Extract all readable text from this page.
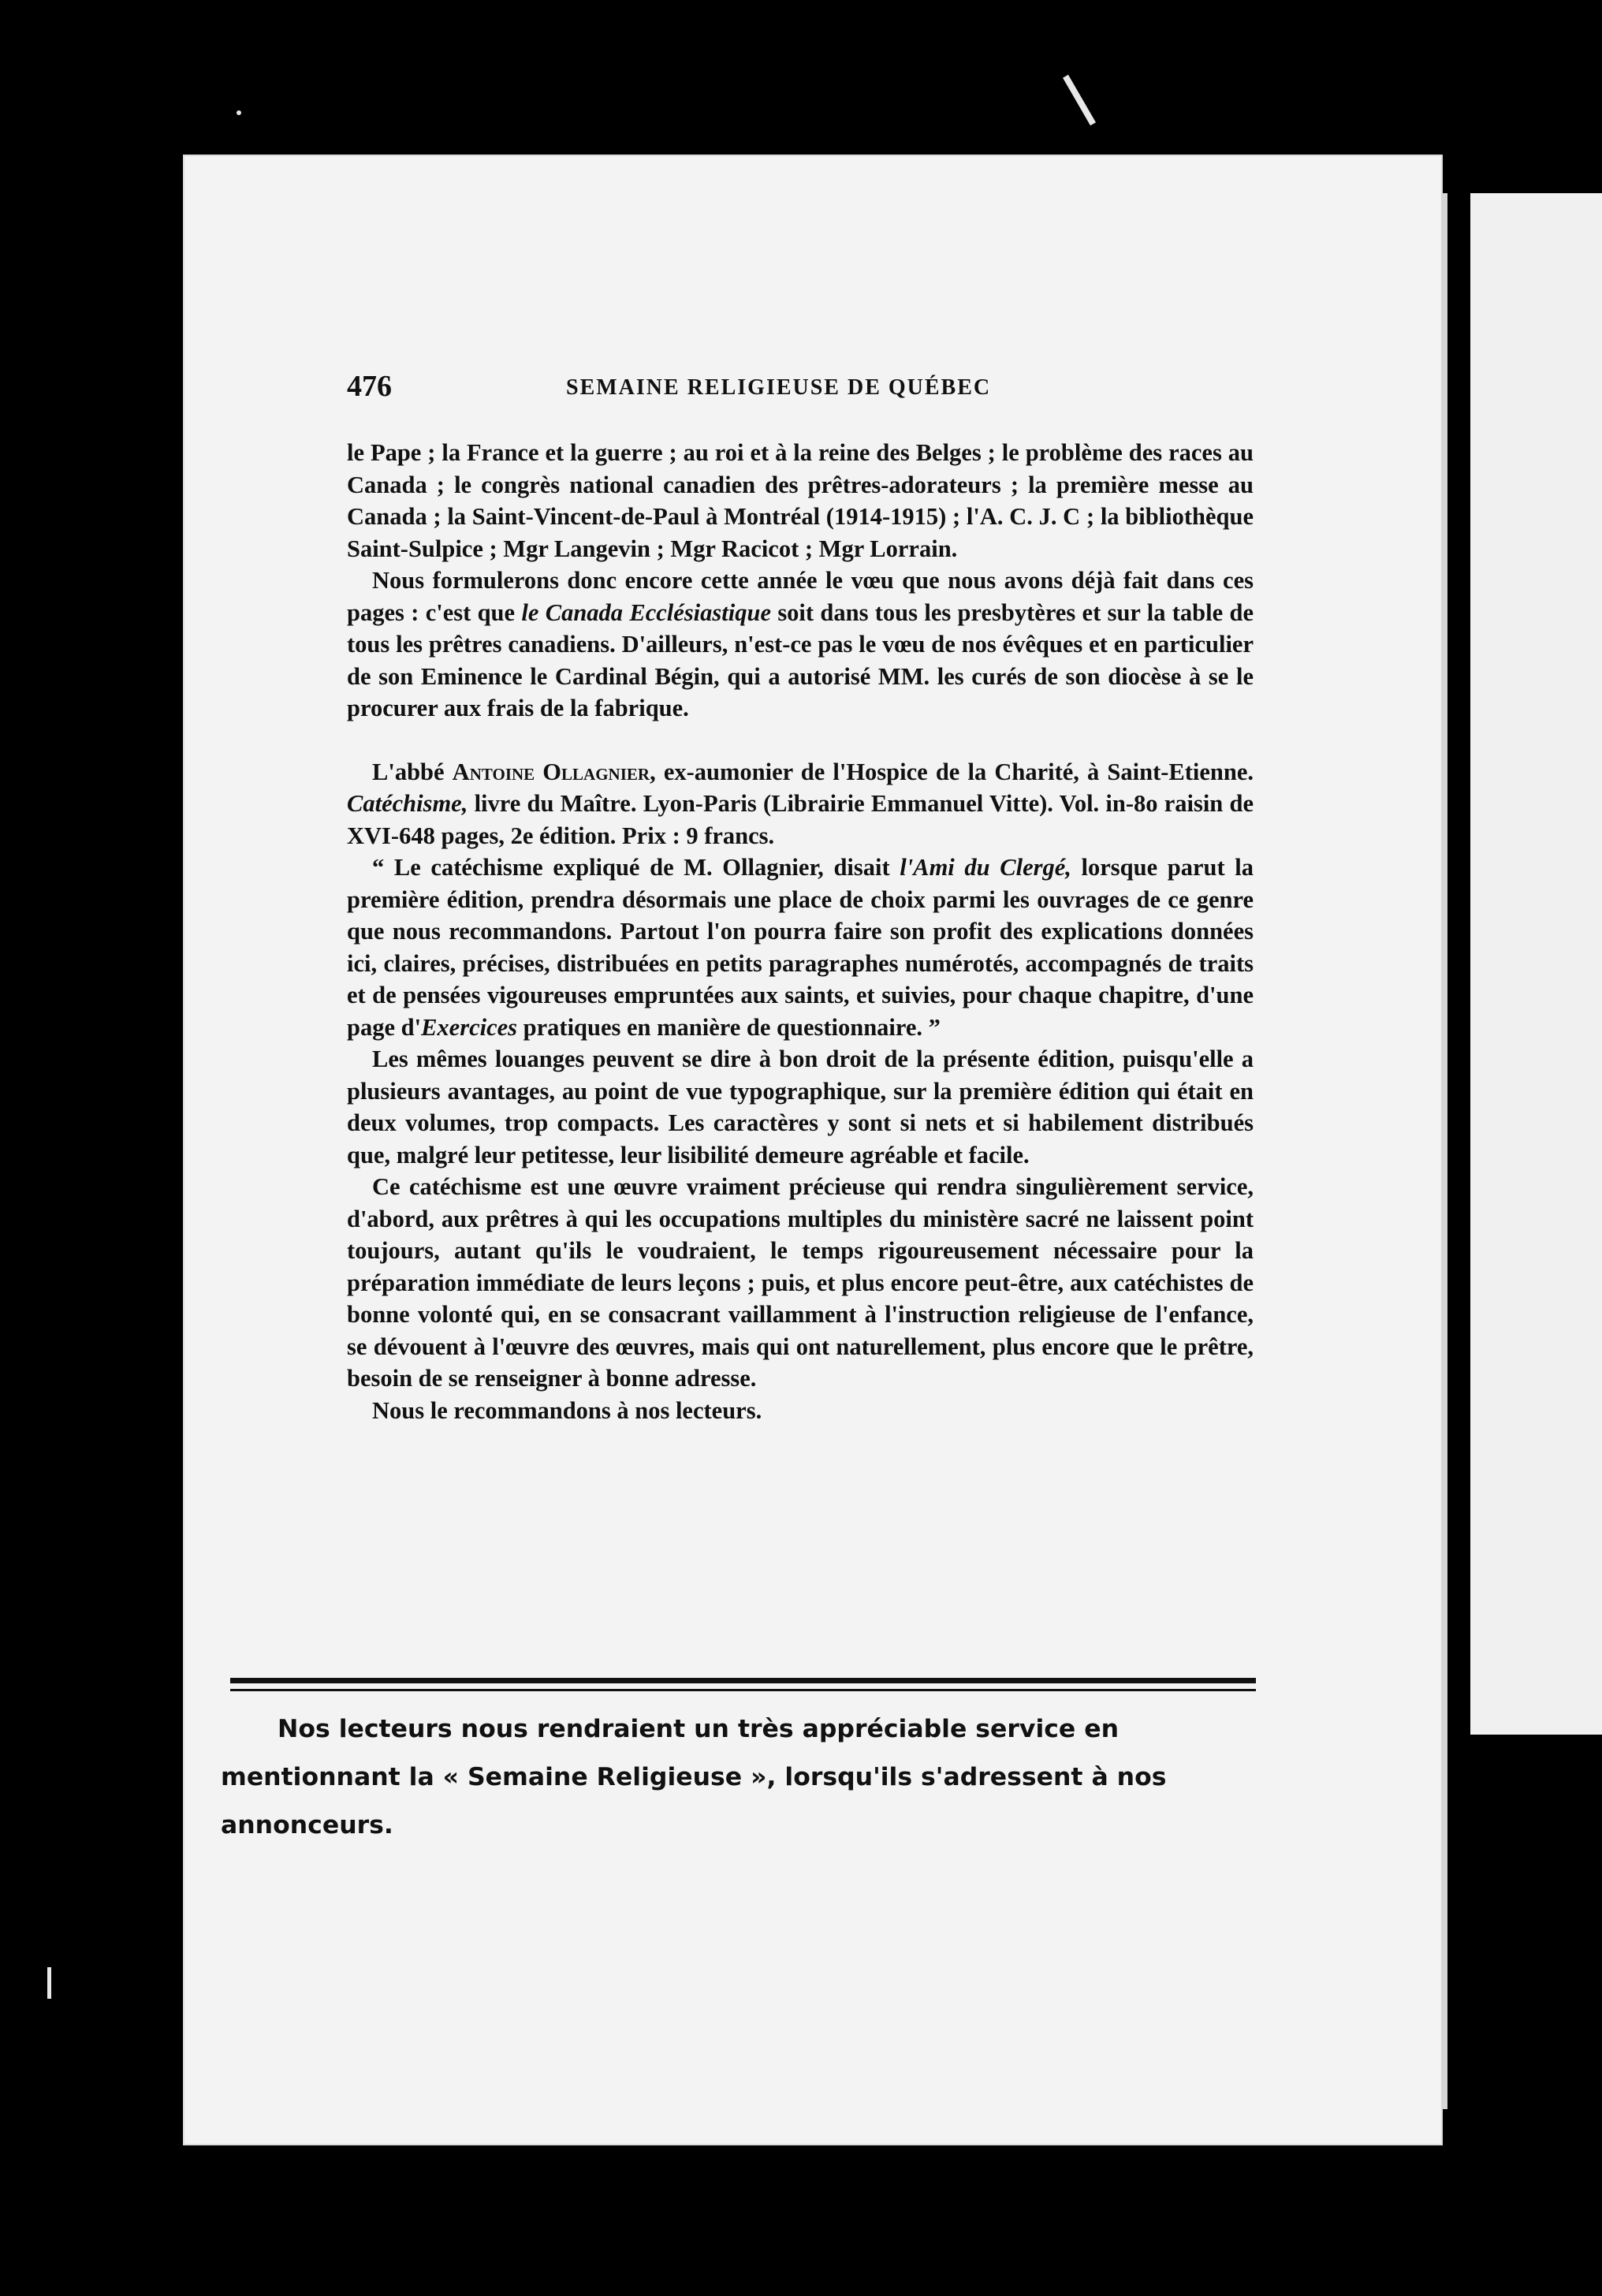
476	SEMAINE RELIGIEUSE DE QUÉBEC

le Pape ; la France et la guerre ; au roi et à la reine des Belges ; le problème des races au Canada ; le congrès national canadien des prêtres-adorateurs ; la première messe au Canada ; la Saint-Vincent-de-Paul à Montréal (1914-1915) ; l'A. C. J. C ; la bibliothèque Saint-Sulpice ; Mgr Langevin ; Mgr Racicot ; Mgr Lorrain.

Nous formulerons donc encore cette année le vœu que nous avons déjà fait dans ces pages : c'est que le Canada Ecclésiastique soit dans tous les presbytères et sur la table de tous les prêtres canadiens. D'ailleurs, n'est-ce pas le vœu de nos évêques et en particulier de son Eminence le Cardinal Bégin, qui a autorisé MM. les curés de son diocèse à se le procurer aux frais de la fabrique.

L'abbé Antoine Ollagnier, ex-aumonier de l'Hospice de la Charité, à Saint-Etienne. Catéchisme, livre du Maître. Lyon-Paris (Librairie Emmanuel Vitte). Vol. in-8o raisin de XVI-648 pages, 2e édition. Prix : 9 francs.

“ Le catéchisme expliqué de M. Ollagnier, disait l'Ami du Clergé, lorsque parut la première édition, prendra désormais une place de choix parmi les ouvrages de ce genre que nous recommandons. Partout l'on pourra faire son profit des explications données ici, claires, précises, distribuées en petits paragraphes numérotés, accompagnés de traits et de pensées vigoureuses empruntées aux saints, et suivies, pour chaque chapitre, d'une page d'Exercices pratiques en manière de questionnaire. ”

Les mêmes louanges peuvent se dire à bon droit de la présente édition, puisqu'elle a plusieurs avantages, au point de vue typographique, sur la première édition qui était en deux volumes, trop compacts. Les caractères y sont si nets et si habilement distribués que, malgré leur petitesse, leur lisibilité demeure agréable et facile.

Ce catéchisme est une œuvre vraiment précieuse qui rendra singulièrement service, d'abord, aux prêtres à qui les occupations multiples du ministère sacré ne laissent point toujours, autant qu'ils le voudraient, le temps rigoureusement nécessaire pour la préparation immédiate de leurs leçons ; puis, et plus encore peut-être, aux catéchistes de bonne volonté qui, en se consacrant vaillamment à l'instruction religieuse de l'enfance, se dévouent à l'œuvre des œuvres, mais qui ont naturellement, plus encore que le prêtre, besoin de se renseigner à bonne adresse.

Nous le recommandons à nos lecteurs.

Nos lecteurs nous rendraient un très appréciable service en mentionnant la « Semaine Religieuse », lorsqu'ils s'adressent à nos annonceurs.
